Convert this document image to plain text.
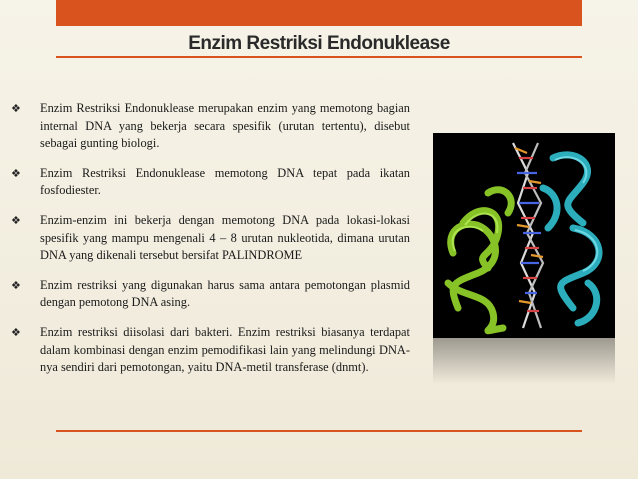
Enzim Restriksi Endonuklease
❖ Enzim Restriksi Endonuklease merupakan enzim yang memotong bagian internal DNA yang bekerja secara spesifik (urutan tertentu), disebut sebagai gunting biologi.
❖ Enzim Restriksi Endonuklease memotong DNA tepat pada ikatan fosfodiester.
❖ Enzim-enzim ini bekerja dengan memotong DNA pada lokasi-lokasi spesifik yang mampu mengenali 4 – 8 urutan nukleotida, dimana urutan DNA yang dikenali tersebut bersifat PALINDROME
❖ Enzim restriksi yang digunakan harus sama antara pemotongan plasmid dengan pemotong DNA asing.
❖ Enzim restriksi diisolasi dari bakteri. Enzim restriksi biasanya terdapat dalam kombinasi dengan enzim pemodifikasi lain yang melindungi DNA-nya sendiri dari pemotongan, yaitu DNA-metil transferase (dnmt).
